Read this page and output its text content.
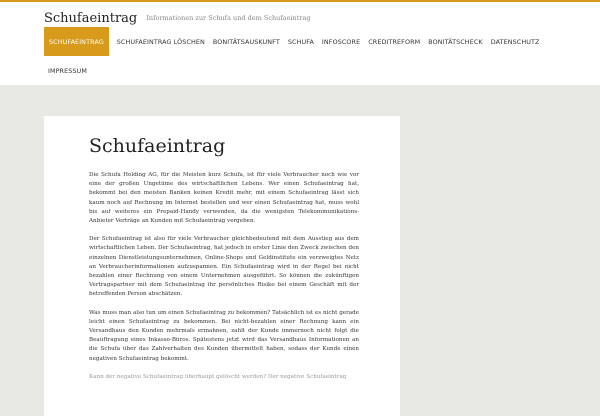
Schufaeintrag Informationen zur Schufa und dem Schufaeintrag
SCHUFAEINTRAG	SCHUFAEINTRAG LÖSCHEN	BONITÄTSAUSKUNFT	SCHUFA	INFOSCORE	CREDITREFORM	BONITÄTSCHECK	DATENSCHUTZ
IMPRESSUM
Schufaeintrag

Die Schufa Holding AG, für die Meisten kurz Schufa, ist für viele Verbraucher noch wie vor eine der großen Ungetüme des wirtschaftlichen Lebens. Wer einen Schufaeintrag hat, bekommt bei den meisten Banken keinen Kredit mehr, mit einem Schufaeintrag lässt sich kaum noch auf Rechnung im Internet bestellen und wer einen Schufaeintrag hat, muss wohl bis auf weiteres ein Prepaid-Handy verwenden, da die wenigsten Telekommunikations-Anbieter Verträge an Kunden mit Schufaeintrag vergeben.

Der Schufaeintrag ist also für viele Verbraucher gleichbedeutend mit dem Ausstieg aus dem wirtschaftlichen Leben. Der Schufaeintrag, hat jedoch in erster Linie den Zweck zwischen den einzelnen Dienstleistungsunternehmen, Online-Shops und Geldinstitute ein verzweigtes Netz an Verbraucherinformationen aufzuspannen. Ein Schufaeintrag wird in der Regel bei nicht bezahlen einer Rechnung von einem Unternehmen ausgeführt. So können die zukünftigen Vertragspartner mit dem Schufaeintrag ihr persönliches Risiko bei einem Geschäft mit der betreffenden Person abschätzen.

Was muss man also tun um einen Schufaeintrag zu bekommen? Tatsächlich ist es nicht gerade leicht einen Schufaeintrag zu bekommen. Bei nicht-bezahlen einer Rechnung kann ein Versandhaus den Kunden mehrmals ermahnen, zahlt der Kunde immernoch nicht folgt die Beauftragung eines Inkasso-Büros. Spätestens jetzt wird das Versandhaus Informationen an die Schufa über das Zahlverhalten des Kunden übermittelt haben, sodass der Kunde einen negativen Schufaeintrag bekommt.

Kann der negative Schufaeintrag überhaupt gelöscht werden? Der negative Schufaeintrag
